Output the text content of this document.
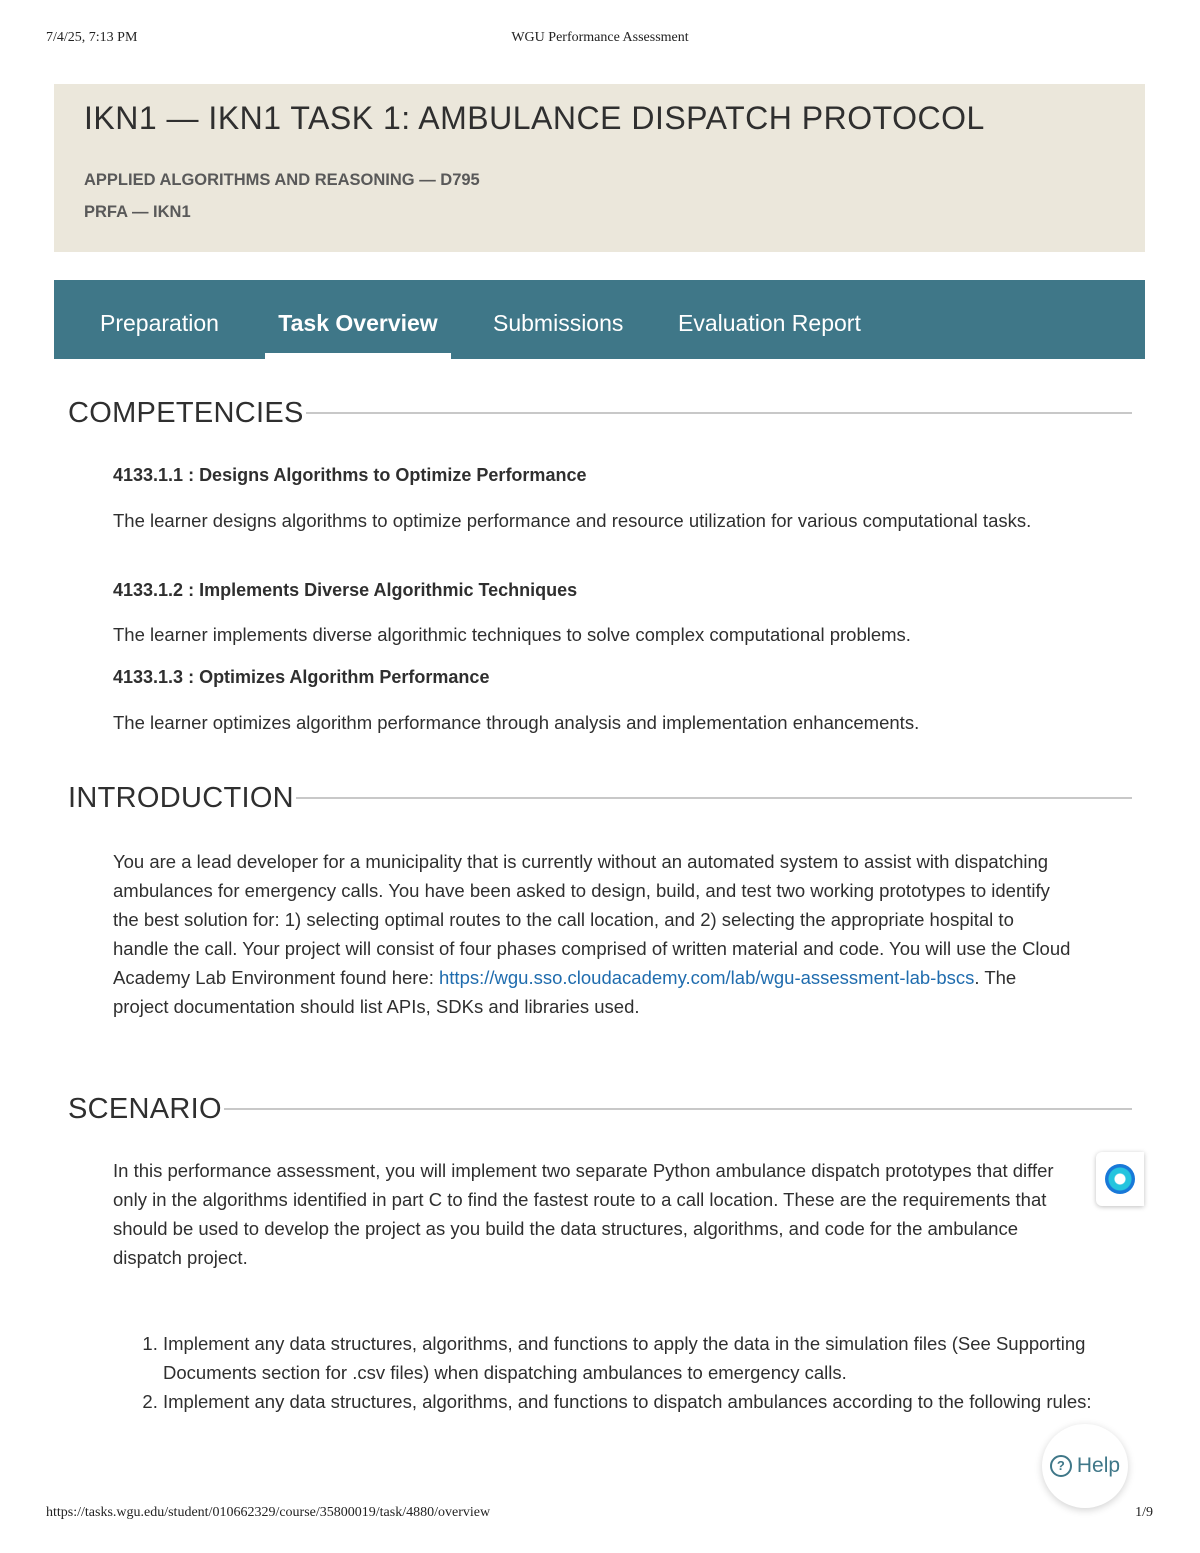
7/4/25, 7:13 PM	WGU Performance Assessment
IKN1 — IKN1 TASK 1: AMBULANCE DISPATCH PROTOCOL
APPLIED ALGORITHMS AND REASONING — D795
PRFA — IKN1
Preparation	Task Overview	Submissions Evaluation Report
COMPETENCIES
4133.1.1 : Designs Algorithms to Optimize Performance
The learner designs algorithms to optimize performance and resource utilization for various computational tasks.
4133.1.2 : Implements Diverse Algorithmic Techniques
The learner implements diverse algorithmic techniques to solve complex computational problems.
4133.1.3 : Optimizes Algorithm Performance
The learner optimizes algorithm performance through analysis and implementation enhancements.
INTRODUCTION
You are a lead developer for a municipality that is currently without an automated system to assist with dispatching ambulances for emergency calls. You have been asked to design, build, and test two working prototypes to identify the best solution for: 1) selecting optimal routes to the call location, and 2) selecting the appropriate hospital to handle the call. Your project will consist of four phases comprised of written material and code. You will use the Cloud Academy Lab Environment found here: https://wgu.sso.cloudacademy.com/lab/wgu-assessment-lab-bscs. The project documentation should list APIs, SDKs and libraries used.
SCENARIO
In this performance assessment, you will implement two separate Python ambulance dispatch prototypes that differ only in the algorithms identified in part C to find the fastest route to a call location. These are the requirements that should be used to develop the project as you build the data structures, algorithms, and code for the ambulance dispatch project.
1. Implement any data structures, algorithms, and functions to apply the data in the simulation files (See Supporting Documents section for .csv files) when dispatching ambulances to emergency calls.
2. Implement any data structures, algorithms, and functions to dispatch ambulances according to the following rules:
? Help
https://tasks.wgu.edu/student/010662329/course/35800019/task/4880/overview	1/9
